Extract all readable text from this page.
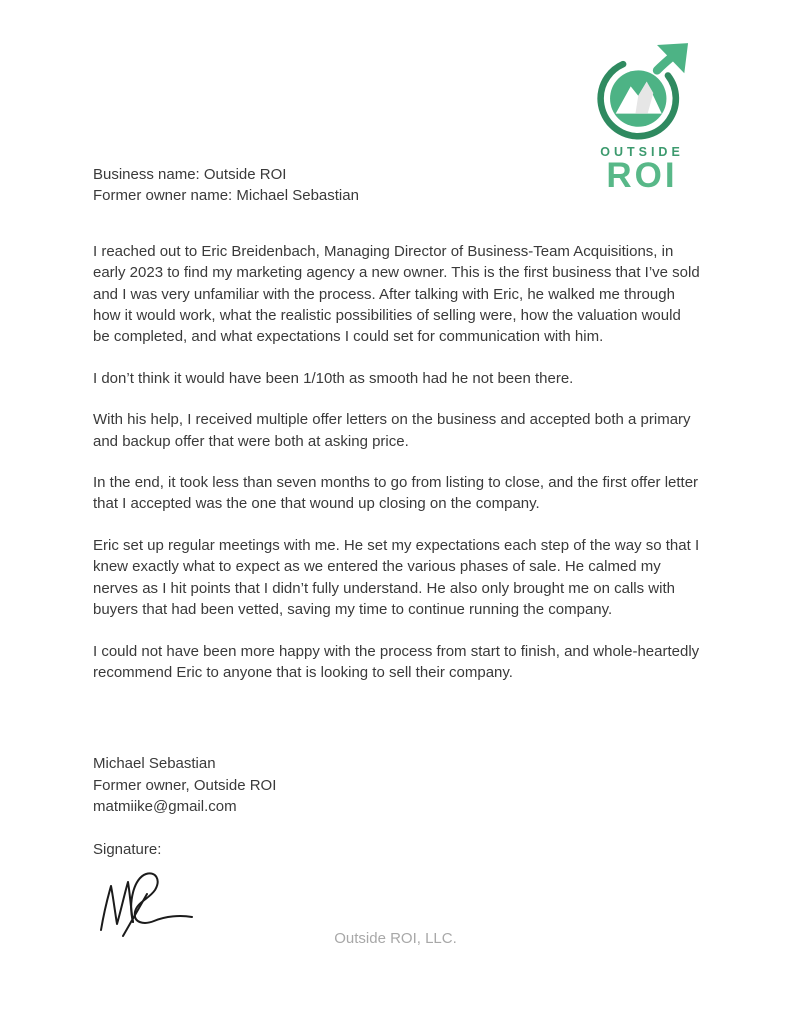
OUTSIDE
ROI
Business name: Outside ROI
Former owner name: Michael Sebastian

I reached out to Eric Breidenbach, Managing Director of Business-Team Acquisitions, in early 2023 to find my marketing agency a new owner. This is the first business that I’ve sold and I was very unfamiliar with the process. After talking with Eric, he walked me through how it would work, what the realistic possibilities of selling were, how the valuation would be completed, and what expectations I could set for communication with him.

I don’t think it would have been 1/10th as smooth had he not been there.

With his help, I received multiple offer letters on the business and accepted both a primary and backup offer that were both at asking price.

In the end, it took less than seven months to go from listing to close, and the first offer letter that I accepted was the one that wound up closing on the company.

Eric set up regular meetings with me. He set my expectations each step of the way so that I knew exactly what to expect as we entered the various phases of sale. He calmed my nerves as I hit points that I didn’t fully understand. He also only brought me on calls with buyers that had been vetted, saving my time to continue running the company.

I could not have been more happy with the process from start to finish, and whole-heartedly recommend Eric to anyone that is looking to sell their company.

Michael Sebastian
Former owner, Outside ROI
matmiike@gmail.com
Signature:
Outside ROI, LLC.
